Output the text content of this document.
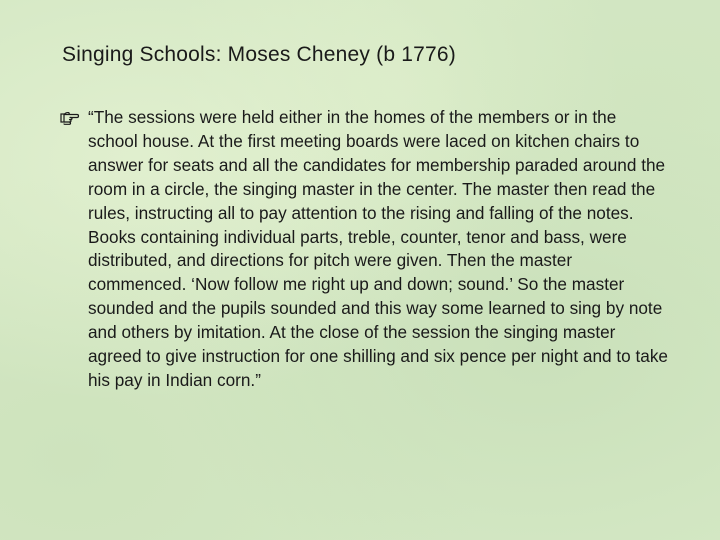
Singing Schools: Moses Cheney (b 1776)

“The sessions were held either in the homes of the members or in the school house. At the first meeting boards were laced on kitchen chairs to answer for seats and all the candidates for membership paraded around the room in a circle, the singing master in the center. The master then read the rules, instructing all to pay attention to the rising and falling of the notes. Books containing individual parts, treble, counter, tenor and bass, were distributed, and directions for pitch were given. Then the master commenced. ‘Now follow me right up and down; sound.’ So the master sounded and the pupils sounded and this way some learned to sing by note and others by imitation. At the close of the session the singing master agreed to give instruction for one shilling and six pence per night and to take his pay in Indian corn.”
